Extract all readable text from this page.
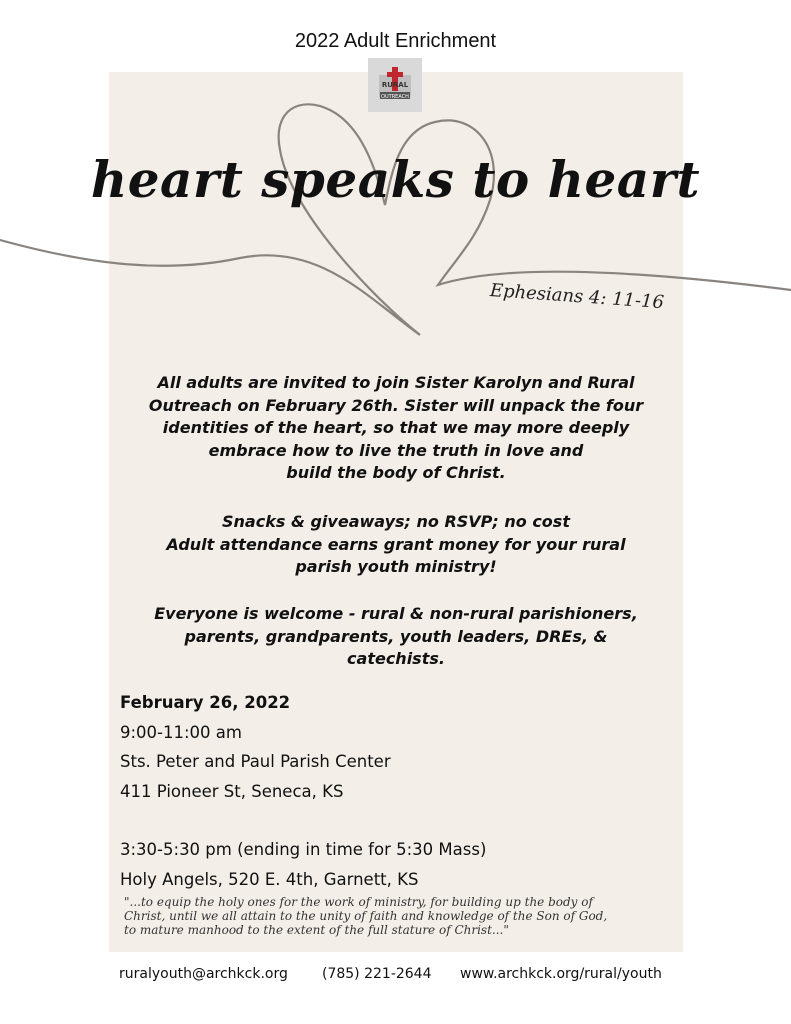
2022 Adult Enrichment
RURAL
OUTREACH
heart speaks to heart
Ephesians 4: 11-16

All adults are invited to join Sister Karolyn and Rural

Outreach on February 26th. Sister will unpack the four

identities of the heart, so that we may more deeply

embrace how to live the truth in love and

build the body of Christ.

Snacks & giveaways; no RSVP; no cost

Adult attendance earns grant money for your rural

parish youth ministry!

Everyone is welcome - rural & non-rural parishioners,

parents, grandparents, youth leaders, DREs, &

catechists.

February 26, 2022
9:00-11:00 am
Sts. Peter and Paul Parish Center
411 Pioneer St, Seneca, KS
3:30-5:30 pm (ending in time for 5:30 Mass)
Holy Angels, 520 E. 4th, Garnett, KS
"...to equip the holy ones for the work of ministry, for building up the body of
Christ, until we all attain to the unity of faith and knowledge of the Son of God,
to mature manhood to the extent of the full stature of Christ..."
ruralyouth@archkck.org (785) 221-2644 www.archkck.org/rural/youth
